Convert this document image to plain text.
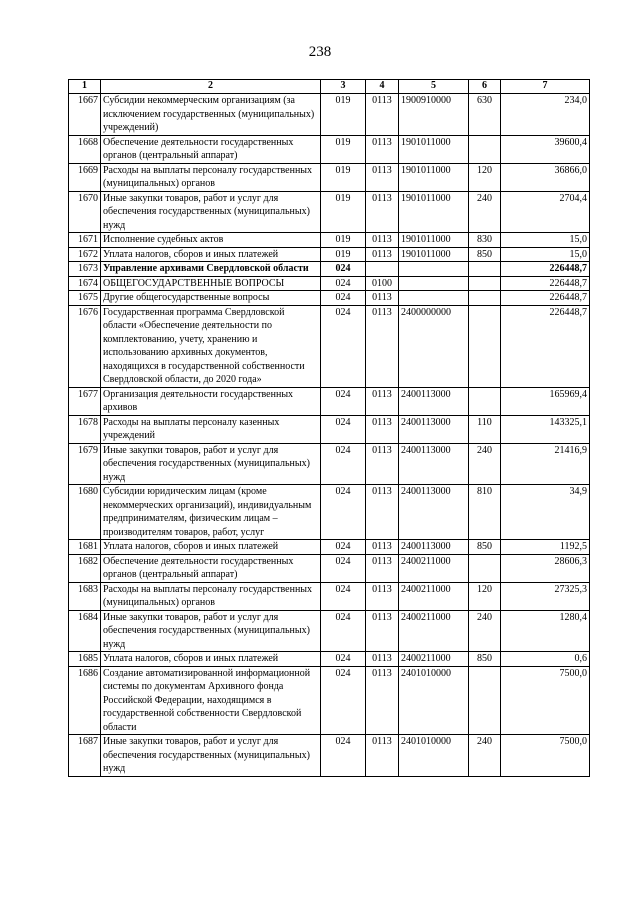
238
1	2	3	4	5	6	7
1667	Субсидии некоммерческим организациям (за исключением государственных (муниципальных) учреждений)	019	0113	1900910000	630	234,0
1668	Обеспечение деятельности государственных органов (центральный аппарат)	019	0113	1901011000		39600,4
1669	Расходы на выплаты персоналу государственных (муниципальных) органов	019	0113	1901011000	120	36866,0
1670	Иные закупки товаров, работ и услуг для обеспечения государственных (муниципальных) нужд	019	0113	1901011000	240	2704,4
1671	Исполнение судебных актов	019	0113	1901011000	830	15,0
1672	Уплата налогов, сборов и иных платежей	019	0113	1901011000	850	15,0
1673	Управление архивами Свердловской области	024				226448,7
1674	ОБЩЕГОСУДАРСТВЕННЫЕ ВОПРОСЫ	024	0100			226448,7
1675	Другие общегосударственные вопросы	024	0113			226448,7
1676	Государственная программа Свердловской области «Обеспечение деятельности по комплектованию, учету, хранению и использованию архивных документов, находящихся в государственной собственности Свердловской области, до 2020 года»	024	0113	2400000000		226448,7
1677	Организация деятельности государственных архивов	024	0113	2400113000		165969,4
1678	Расходы на выплаты персоналу казенных учреждений	024	0113	2400113000	110	143325,1
1679	Иные закупки товаров, работ и услуг для обеспечения государственных (муниципальных) нужд	024	0113	2400113000	240	21416,9
1680	Субсидии юридическим лицам (кроме некоммерческих организаций), индивидуальным предпринимателям, физическим лицам – производителям товаров, работ, услуг	024	0113	2400113000	810	34,9
1681	Уплата налогов, сборов и иных платежей	024	0113	2400113000	850	1192,5
1682	Обеспечение деятельности государственных органов (центральный аппарат)	024	0113	2400211000		28606,3
1683	Расходы на выплаты персоналу государственных (муниципальных) органов	024	0113	2400211000	120	27325,3
1684	Иные закупки товаров, работ и услуг для обеспечения государственных (муниципальных) нужд	024	0113	2400211000	240	1280,4
1685	Уплата налогов, сборов и иных платежей	024	0113	2400211000	850	0,6
1686	Создание автоматизированной информационной системы по документам Архивного фонда Российской Федерации, находящимся в государственной собственности Свердловской области	024	0113	2401010000		7500,0
1687	Иные закупки товаров, работ и услуг для обеспечения государственных (муниципальных) нужд	024	0113	2401010000	240	7500,0
